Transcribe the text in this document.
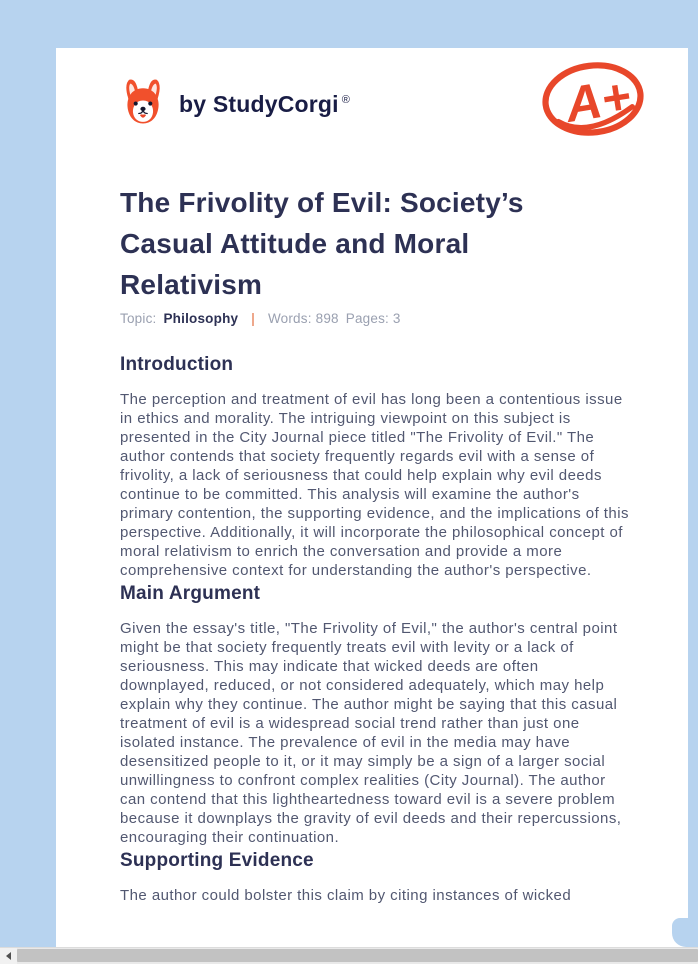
by StudyCorgi ®	A+
The Frivolity of Evil: Society’s Casual Attitude and Moral Relativism
Topic: Philosophy | Words: 898 Pages: 3
Introduction

The perception and treatment of evil has long been a contentious issue in ethics and morality. The intriguing viewpoint on this subject is presented in the City Journal piece titled "The Frivolity of Evil." The author contends that society frequently regards evil with a sense of frivolity, a lack of seriousness that could help explain why evil deeds continue to be committed. This analysis will examine the author's primary contention, the supporting evidence, and the implications of this perspective. Additionally, it will incorporate the philosophical concept of moral relativism to enrich the conversation and provide a more comprehensive context for understanding the author's perspective.

Main Argument

Given the essay's title, "The Frivolity of Evil," the author's central point might be that society frequently treats evil with levity or a lack of seriousness. This may indicate that wicked deeds are often downplayed, reduced, or not considered adequately, which may help explain why they continue. The author might be saying that this casual treatment of evil is a widespread social trend rather than just one isolated instance. The prevalence of evil in the media may have desensitized people to it, or it may simply be a sign of a larger social unwillingness to confront complex realities (City Journal). The author can contend that this lightheartedness toward evil is a severe problem because it downplays the gravity of evil deeds and their repercussions, encouraging their continuation.

Supporting Evidence

The author could bolster this claim by citing instances of wicked
